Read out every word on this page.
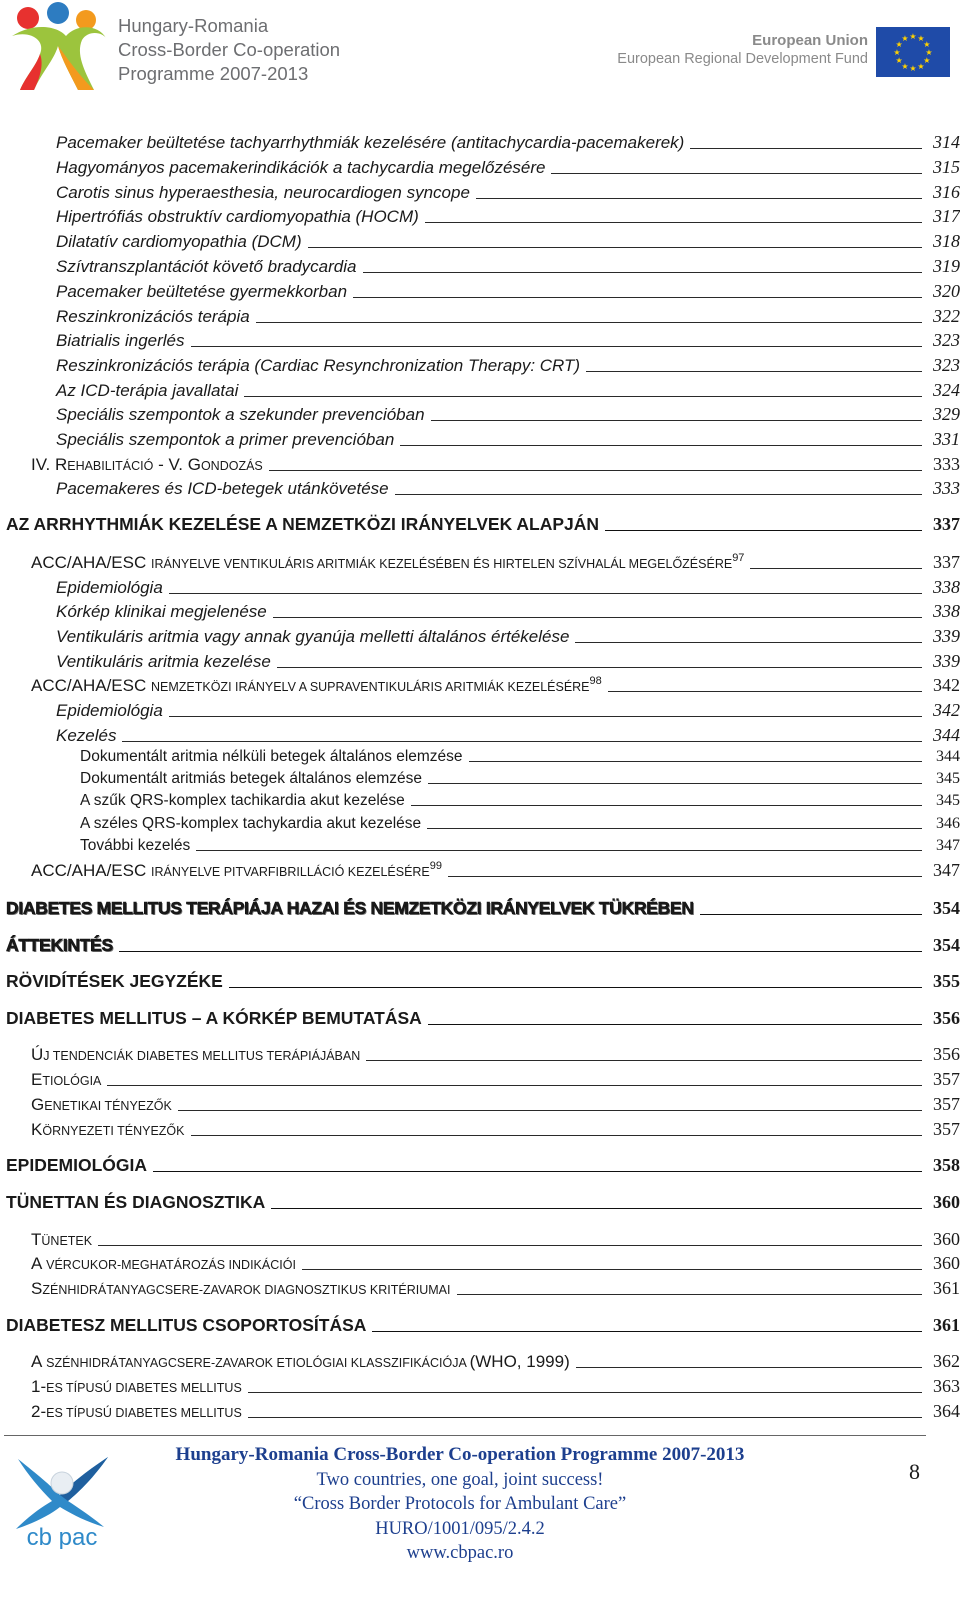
Hungary-Romania
Cross-Border Co-operation
Programme 2007-2013
European Union
European Regional Development Fund	★
★
★
★
★
★
★
★
★ ★ ★
★
Pacemaker beültetése tachyarrhythmiák kezelésére (antitachycardia-pacemakerek)	314
Hagyományos pacemakerindikációk a tachycardia megelőzésére	315
Carotis sinus hyperaesthesia, neurocardiogen syncope	316
Hipertrófiás obstruktív cardiomyopathia (HOCM)	317
Dilatatív cardiomyopathia (DCM)	318
Szívtranszplantációt követő bradycardia	319
Pacemaker beültetése gyermekkorban	320
Reszinkronizációs terápia	322
Biatrialis ingerlés	323
Reszinkronizációs terápia (Cardiac Resynchronization Therapy: CRT)	323
Az ICD-terápia javallatai	324
Speciális szempontok a szekunder prevencióban	329
Speciális szempontok a primer prevencióban	331
IV. REHABILITÁCIÓ - V. GONDOZÁS	333
Pacemakeres és ICD-betegek utánkövetése	333
AZ ARRHYTHMIÁK KEZELÉSE A NEMZETKÖZI IRÁNYELVEK ALAPJÁN	337
ACC/AHA/ESC IRÁNYELVE VENTIKULÁRIS ARITMIÁK KEZELÉSÉBEN ÉS HIRTELEN SZÍVHALÁL MEGELŐZÉSÉRE$^{97}$	337
Epidemiológia	338
Kórkép klinikai megjelenése	338
Ventikuláris aritmia vagy annak gyanúja melletti általános értékelése	339
Ventikuláris aritmia kezelése	339
ACC/AHA/ESC NEMZETKÖZI IRÁNYELV A SUPRAVENTIKULÁRIS ARITMIÁK KEZELÉSÉRE$^{98}$	342
Epidemiológia	342
Kezelés	344
Dokumentált aritmia nélküli betegek általános elemzése	344
Dokumentált aritmiás betegek általános elemzése	345
A szűk QRS-komplex tachikardia akut kezelése	345
A széles QRS-komplex tachykardia akut kezelése	346
További kezelés	347
ACC/AHA/ESC IRÁNYELVE PITVARFIBRILLÁCIÓ KEZELÉSÉRE$^{99}$	347
DIABETES MELLITUS TERÁPIÁJA HAZAI ÉS NEMZETKÖZI IRÁNYELVEK TÜKRÉBEN	354
ÁTTEKINTÉS	354
RÖVIDÍTÉSEK JEGYZÉKE	355
DIABETES MELLITUS – A KÓRKÉP BEMUTATÁSA	356
ÚJ TENDENCIÁK DIABETES MELLITUS TERÁPIÁJÁBAN	356
ETIOLÓGIA	357
GENETIKAI TÉNYEZŐK	357
KÖRNYEZETI TÉNYEZŐK	357
EPIDEMIOLÓGIA	358
TÜNETTAN ÉS DIAGNOSZTIKA	360
TÜNETEK	360
A VÉRCUKOR-MEGHATÁROZÁS INDIKÁCIÓI	360
SZÉNHIDRÁTANYAGCSERE-ZAVAROK DIAGNOSZTIKUS KRITÉRIUMAI	361
DIABETESZ MELLITUS CSOPORTOSÍTÁSA	361
A SZÉNHIDRÁTANYAGCSERE-ZAVAROK ETIOLÓGIAI KLASSZIFIKÁCIÓJA (WHO, 1999)	362
1-ES TÍPUSÚ DIABETES MELLITUS	363
2-ES TÍPUSÚ DIABETES MELLITUS	364
cb pac
Hungary-Romania Cross-Border Co-operation Programme 2007-2013
Two countries, one goal, joint success!
“Cross Border Protocols for Ambulant Care”
HURO/1001/095/2.4.2
www.cbpac.ro
8
